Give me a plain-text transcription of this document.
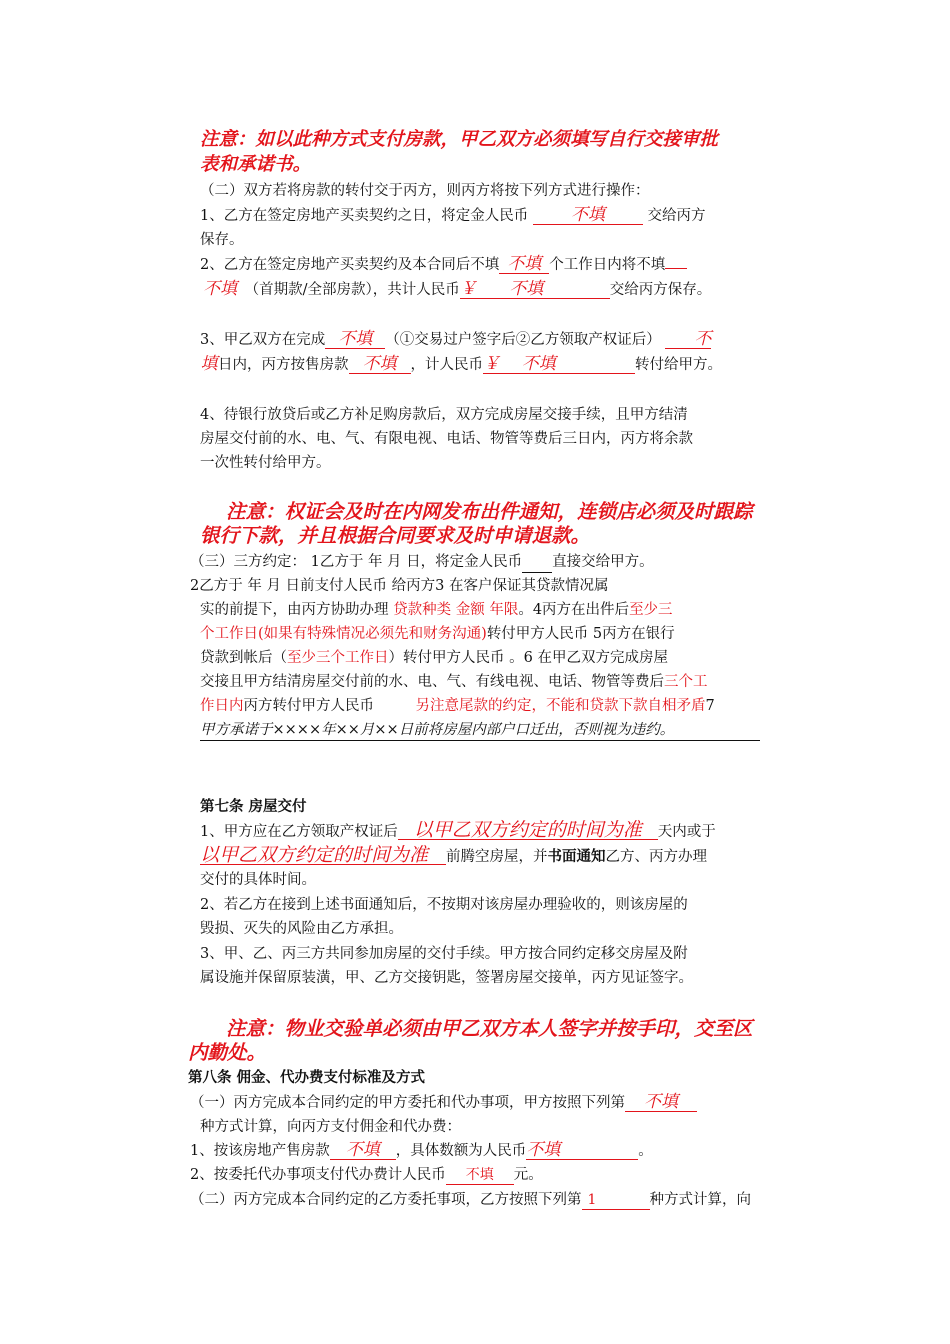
注意：如以此种方式支付房款，甲乙双方必须填写自行交接审批
表和承诺书。
（二）双方若将房款的转付交于丙方，则丙方将按下列方式进行操作：
1、乙方在签定房地产买卖契约之日，将定金人民币	不填	交给丙方
保存。
2、乙方在签定房地产买卖契约及本合同后不填 不填 个工作日内将不填
不填 （首期款/全部房款），共计人民币￥ 不填	交给丙方保存。
3、甲乙双方在完成 不填 （①交易过户签字后②乙方领取产权证后） 不
填日内，丙方按售房款 不填 ，计人民币￥ 不填	转付给甲方。
4、待银行放贷后或乙方补足购房款后，双方完成房屋交接手续，且甲方结清
房屋交付前的水、电、气、有限电视、电话、物管等费后三日内，丙方将余款
一次性转付给甲方。
注意：权证会及时在内网发布出件通知，连锁店必须及时跟踪
银行下款，并且根据合同要求及时申请退款。
（三）三方约定： 1乙方于 年 月 日，将定金人民币 直接交给甲方。
2乙方于 年 月 日前支付人民币 给丙方3 在客户保证其贷款情况属
实的前提下，由丙方协助办理 贷款种类 金额 年限。4丙方在出件后至少三
个工作日(如果有特殊情况必须先和财务沟通)转付甲方人民币 5丙方在银行
贷款到帐后（至少三个工作日）转付甲方人民币 。6 在甲乙双方完成房屋
交接且甲方结清房屋交付前的水、电、气、有线电视、电话、物管等费后三个工
作日内丙方转付甲方人民币	另注意尾款的约定，不能和贷款下款自相矛盾7
甲方承诺于××××年××月××日前将房屋内部户口迁出，否则视为违约。
第七条 房屋交付
1、甲方应在乙方领取产权证后 以甲乙双方约定的时间为准 天内或于
以甲乙双方约定的时间为准 前腾空房屋，并书面通知乙方、丙方办理
交付的具体时间。
2、若乙方在接到上述书面通知后，不按期对该房屋办理验收的，则该房屋的
毁损、灭失的风险由乙方承担。
3、甲、乙、丙三方共同参加房屋的交付手续。甲方按合同约定移交房屋及附
属设施并保留原装潢，甲、乙方交接钥匙，签署房屋交接单，丙方见证签字。
注意：物业交验单必须由甲乙双方本人签字并按手印，交至区
内勤处。
第八条 佣金、代办费支付标准及方式
（一）丙方完成本合同约定的甲方委托和代办事项，甲方按照下列第 不填
种方式计算，向丙方支付佣金和代办费：
1、按该房地产售房款 不填 ，具体数额为人民币不填	。
2、按委托代办事项支付代办费计人民币 不填 元。
（二）丙方完成本合同约定的乙方委托事项，乙方按照下列第 1	种方式计算，向
